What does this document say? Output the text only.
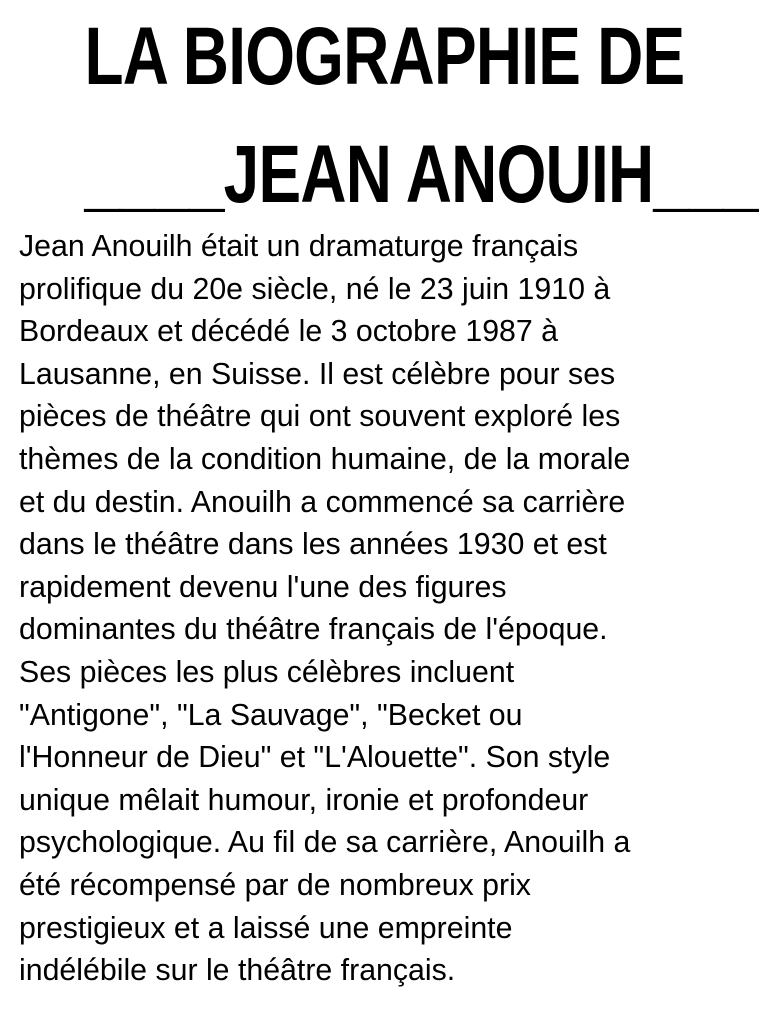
LA BIOGRAPHIE DE
____JEAN ANOUIH___

Jean Anouilh était un dramaturge français
prolifique du 20e siècle, né le 23 juin 1910 à
Bordeaux et décédé le 3 octobre 1987 à
Lausanne, en Suisse. Il est célèbre pour ses
pièces de théâtre qui ont souvent exploré les
thèmes de la condition humaine, de la morale
et du destin. Anouilh a commencé sa carrière
dans le théâtre dans les années 1930 et est
rapidement devenu l'une des figures
dominantes du théâtre français de l'époque.
Ses pièces les plus célèbres incluent
"Antigone", "La Sauvage", "Becket ou
l'Honneur de Dieu" et "L'Alouette". Son style
unique mêlait humour, ironie et profondeur
psychologique. Au fil de sa carrière, Anouilh a
été récompensé par de nombreux prix
prestigieux et a laissé une empreinte
indélébile sur le théâtre français.
